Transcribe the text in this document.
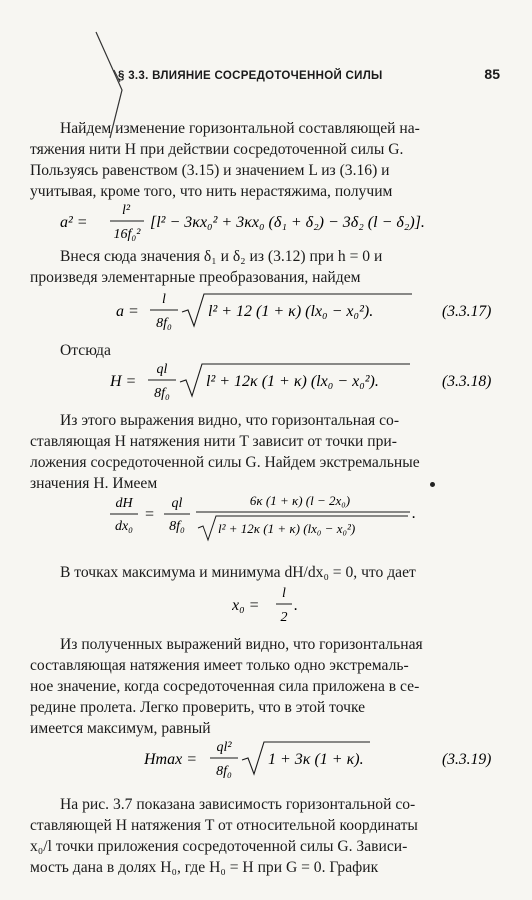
§ 3.3. ВЛИЯНИЕ СОСРЕДОТОЧЕННОЙ СИЛЫ	85
Найдем изменение горизонтальной составляющей на-
тяжения нити H при действии сосредоточенной силы G.
Пользуясь равенством (3.15) и значением L из (3.16) и
учитывая, кроме того, что нить нерастяжима, получим
a² =
l²
16f₀²
[l² − 3κx₀² + 3κx₀ (δ₁ + δ₂) − 3δ₂ (l − δ₂)].
Внеся сюда значения δ₁ и δ₂ из (3.12) при h = 0 и
произведя элементарные преобразования, найдем
a =
l
8f₀
l² + 12 (1 + κ) (lx₀ − x₀²).	(3.3.17)
Отсюда
H =
ql
8f₀
l² + 12κ (1 + κ) (lx₀ − x₀²).	(3.3.18)
Из этого выражения видно, что горизонтальная со-
ставляющая H натяжения нити T зависит от точки при-
ложения сосредоточенной силы G. Найдем экстремальные
значения H. Имеем
dH
dx₀
=
ql
8f₀
6κ (1 + κ) (l − 2x₀)
l² + 12κ (1 + κ) (lx₀ − x₀²)
.
В точках максимума и минимума dH/dx₀ = 0, что дает
x₀ =
l
2
.
Из полученных выражений видно, что горизонтальная
составляющая натяжения имеет только одно экстремаль-
ное значение, когда сосредоточенная сила приложена в се-
редине пролета. Легко проверить, что в этой точке
имеется максимум, равный
Hmax =
ql²
8f₀
1 + 3κ (1 + κ).	(3.3.19)
На рис. 3.7 показана зависимость горизонтальной со-
ставляющей H натяжения T от относительной координаты
x₀/l точки приложения сосредоточенной силы G. Зависи-
мость дана в долях H₀, где H₀ = H при G = 0. График
